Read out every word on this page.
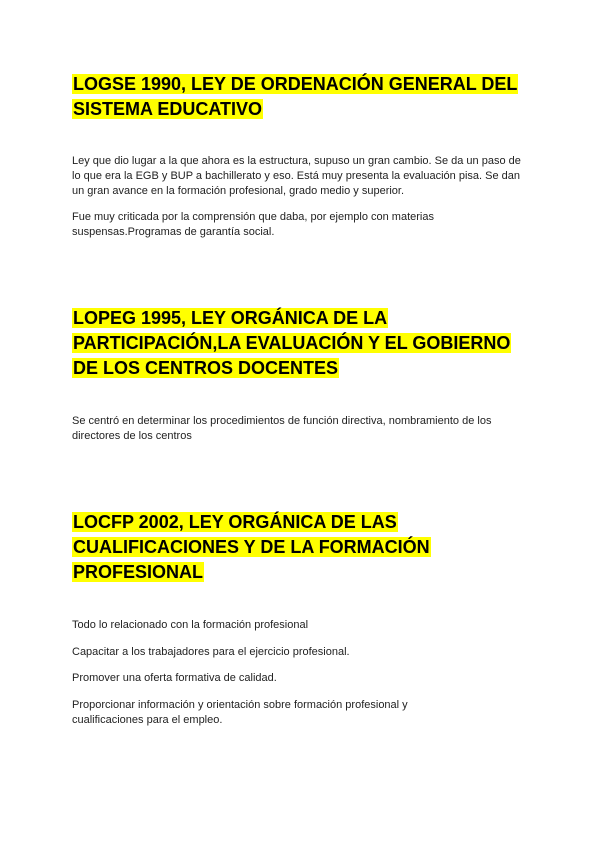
LOGSE 1990, LEY DE ORDENACIÓN GENERAL DEL SISTEMA EDUCATIVO

Ley que dio lugar a la que ahora es la estructura, supuso un gran cambio. Se da un paso de lo que era la EGB y BUP a bachillerato y eso. Está muy presenta la evaluación pisa. Se dan un gran avance en la formación profesional, grado medio y superior.

Fue muy criticada por la comprensión que daba, por ejemplo con materias suspensas.Programas de garantía social.

LOPEG 1995, LEY ORGÁNICA DE LA PARTICIPACIÓN,LA EVALUACIÓN Y EL GOBIERNO DE LOS CENTROS DOCENTES

Se centró en determinar los procedimientos de función directiva, nombramiento de los directores de los centros

LOCFP 2002, LEY ORGÁNICA DE LAS CUALIFICACIONES Y DE LA FORMACIÓN PROFESIONAL

Todo lo relacionado con la formación profesional

Capacitar a los trabajadores para el ejercicio profesional.

Promover una oferta formativa de calidad.

Proporcionar información y orientación sobre formación profesional y cualificaciones para el empleo.
